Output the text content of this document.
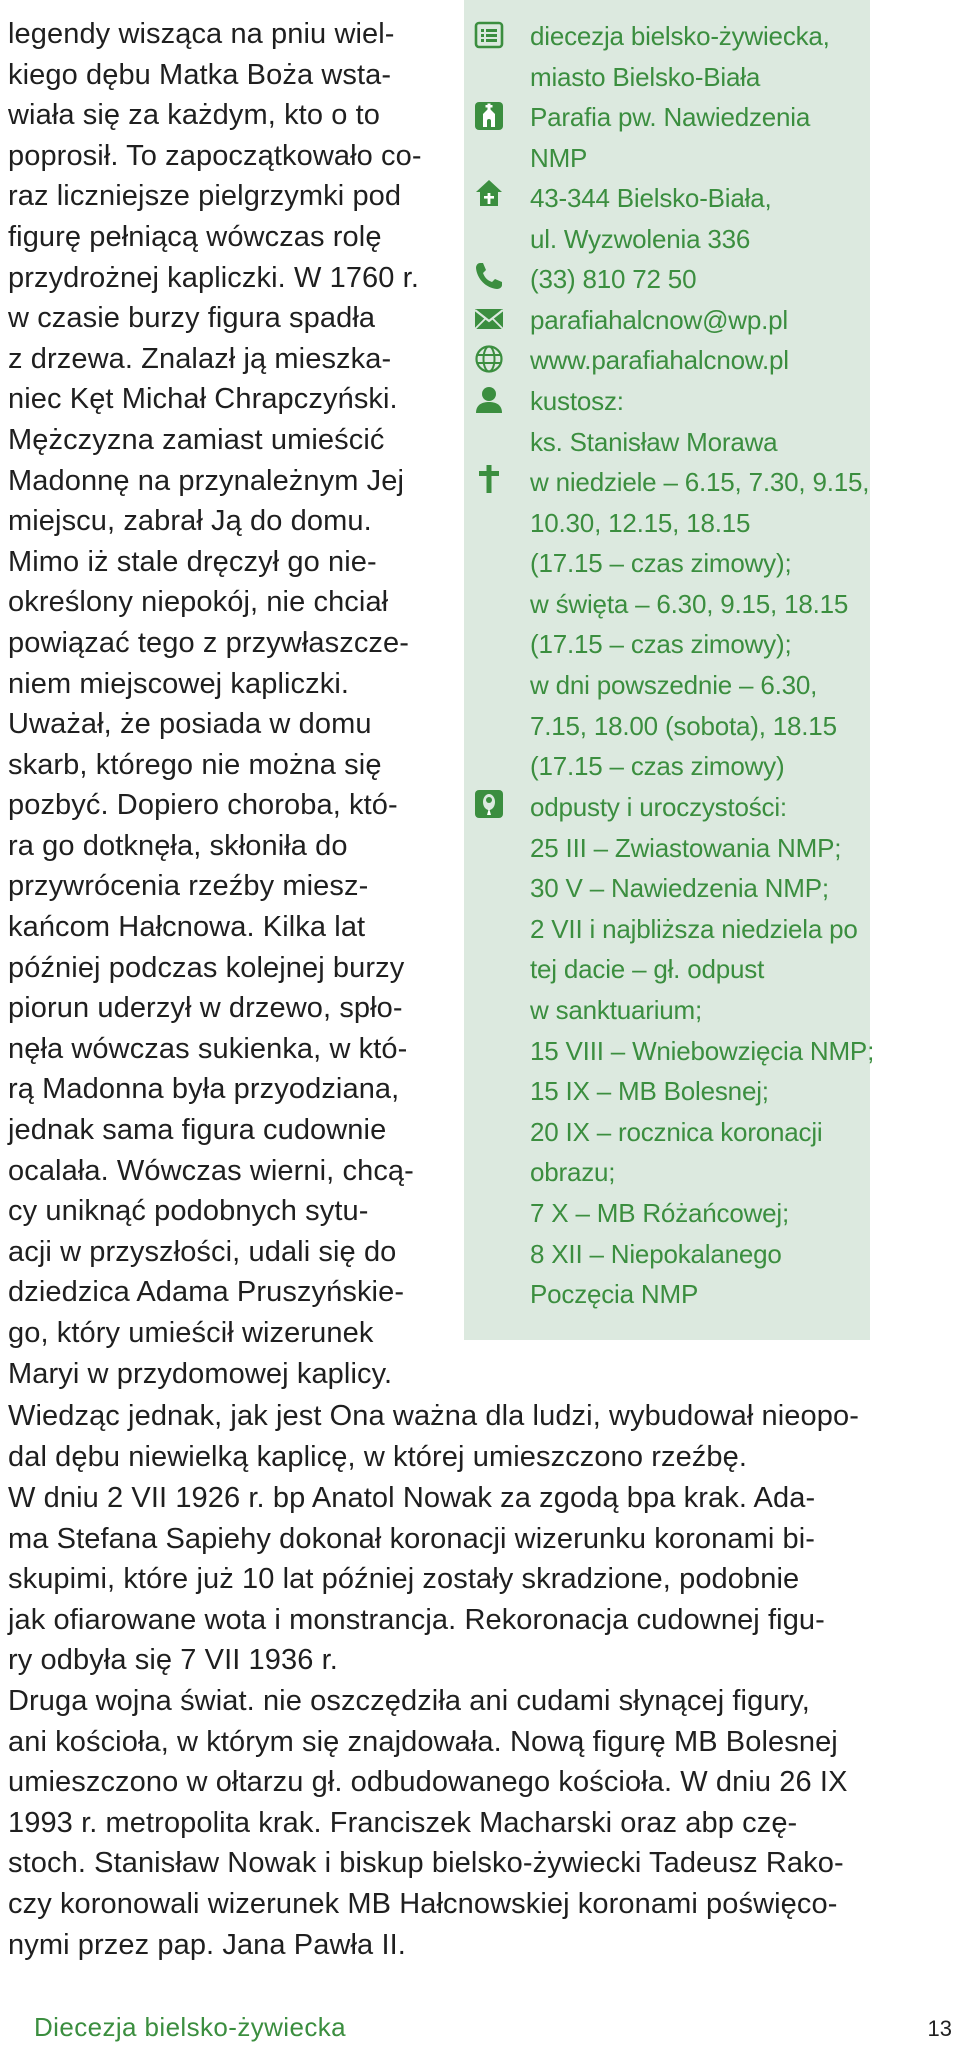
legendy wisząca na pniu wiel-
kiego dębu Matka Boża wsta-
wiała się za każdym, kto o to
poprosił. To zapoczątkowało co-
raz liczniejsze pielgrzymki pod
figurę pełniącą wówczas rolę
przydrożnej kapliczki. W 1760 r.
w czasie burzy figura spadła
z drzewa. Znalazł ją mieszka-
niec Kęt Michał Chrapczyński.
Mężczyzna zamiast umieścić
Madonnę na przynależnym Jej
miejscu, zabrał Ją do domu.
Mimo iż stale dręczył go nie-
określony niepokój, nie chciał
powiązać tego z przywłaszcze-
niem miejscowej kapliczki.
Uważał, że posiada w domu
skarb, którego nie można się
pozbyć. Dopiero choroba, któ-
ra go dotknęła, skłoniła do
przywrócenia rzeźby miesz-
kańcom Hałcnowa. Kilka lat
później podczas kolejnej burzy
piorun uderzył w drzewo, spło-
nęła wówczas sukienka, w któ-
rą Madonna była przyodziana,
jednak sama figura cudownie
ocalała. Wówczas wierni, chcą-
cy uniknąć podobnych sytu-
acji w przyszłości, udali się do
dziedzica Adama Pruszyńskie-
go, który umieścił wizerunek
Maryi w przydomowej kaplicy.
diecezja bielsko-żywiecka,
miasto Bielsko-Biała
Parafia pw. Nawiedzenia
NMP
43-344 Bielsko-Biała,
ul. Wyzwolenia 336
(33) 810 72 50
parafiahalcnow@wp.pl
www.parafiahalcnow.pl
kustosz:
ks. Stanisław Morawa
w niedziele – 6.15, 7.30, 9.15,
10.30, 12.15, 18.15
(17.15 – czas zimowy);
w święta – 6.30, 9.15, 18.15
(17.15 – czas zimowy);
w dni powszednie – 6.30,
7.15, 18.00 (sobota), 18.15
(17.15 – czas zimowy)
odpusty i uroczystości:
25 III – Zwiastowania NMP;
30 V – Nawiedzenia NMP;
2 VII i najbliższa niedziela po
tej dacie – gł. odpust
w sanktuarium;
15 VIII – Wniebowzięcia NMP;
15 IX – MB Bolesnej;
20 IX – rocznica koronacji
obrazu;
7 X – MB Różańcowej;
8 XII – Niepokalanego
Poczęcia NMP
Wiedząc jednak, jak jest Ona ważna dla ludzi, wybudował nieopo-
dal dębu niewielką kaplicę, w której umieszczono rzeźbę.
W dniu 2 VII 1926 r. bp Anatol Nowak za zgodą bpa krak. Ada-
ma Stefana Sapiehy dokonał koronacji wizerunku koronami bi-
skupimi, które już 10 lat później zostały skradzione, podobnie
jak ofiarowane wota i monstrancja. Rekoronacja cudownej figu-
ry odbyła się 7 VII 1936 r.
Druga wojna świat. nie oszczędziła ani cudami słynącej figury,
ani kościoła, w którym się znajdowała. Nową figurę MB Bolesnej
umieszczono w ołtarzu gł. odbudowanego kościoła. W dniu 26 IX
1993 r. metropolita krak. Franciszek Macharski oraz abp czę-
stoch. Stanisław Nowak i biskup bielsko-żywiecki Tadeusz Rako-
czy koronowali wizerunek MB Hałcnowskiej koronami poświęco-
nymi przez pap. Jana Pawła II.
Diecezja bielsko-żywiecka	13
